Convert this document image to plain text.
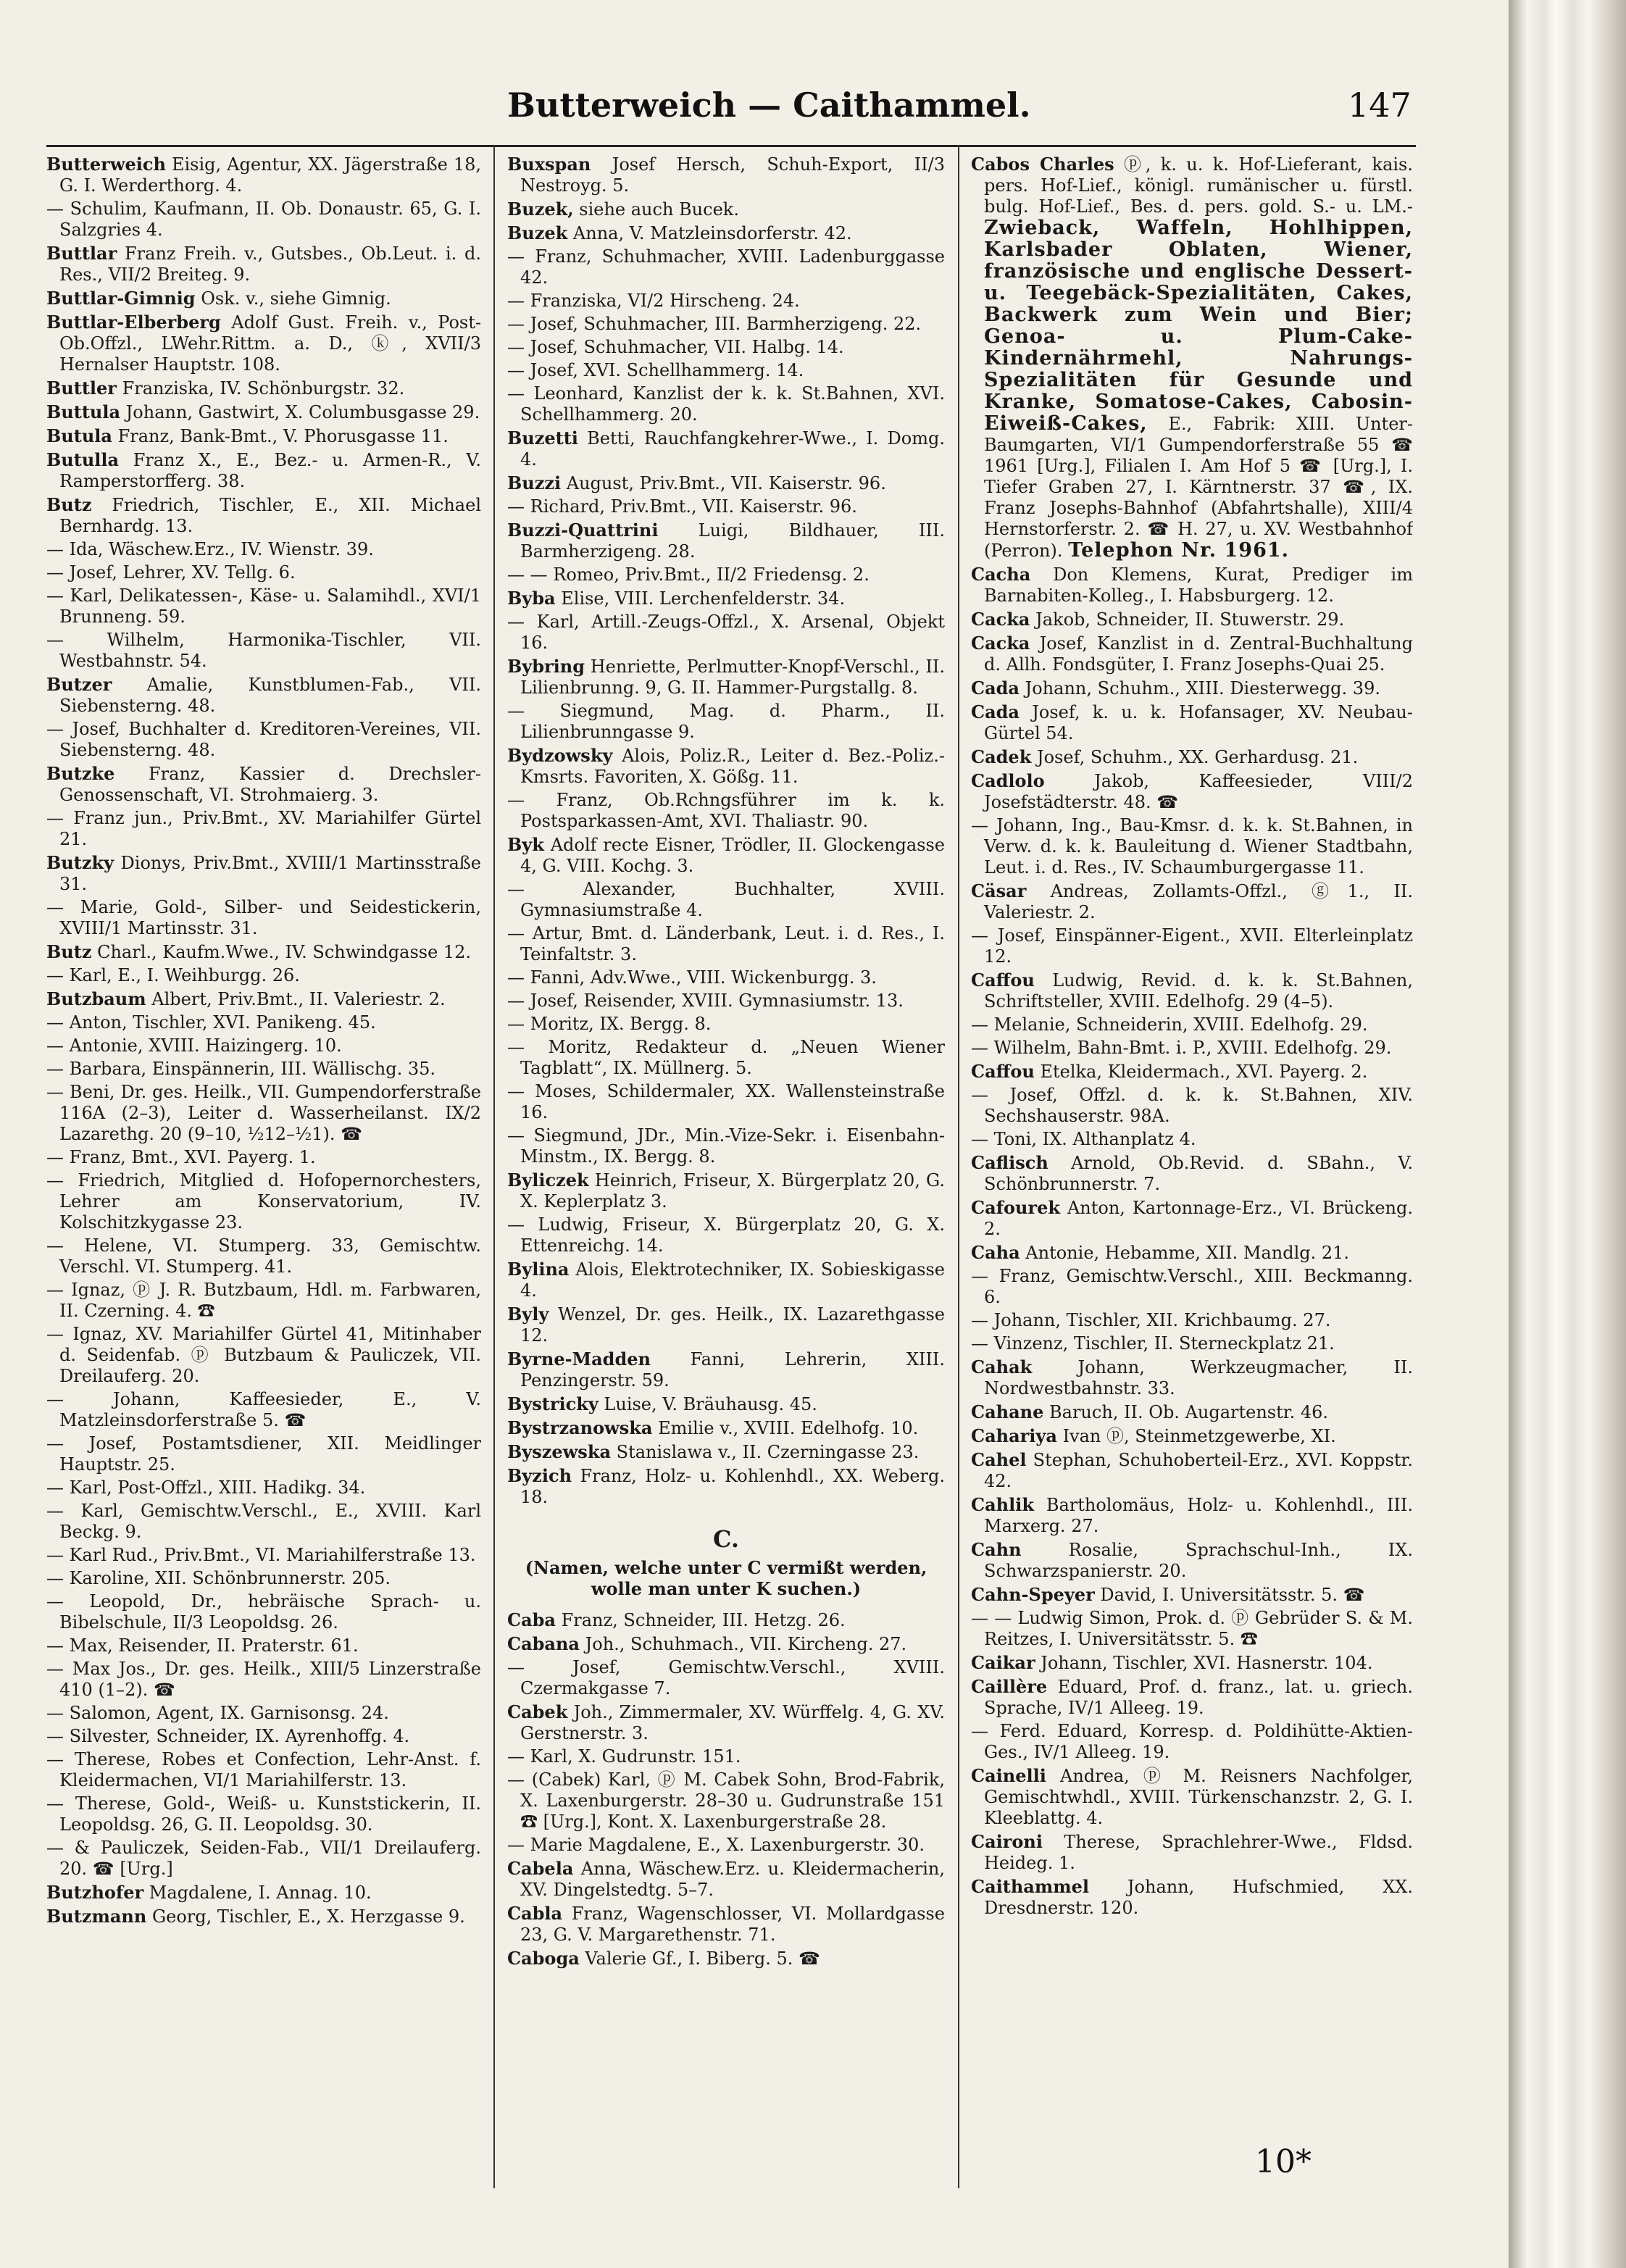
Butterweich — Caithammel.	147

Butterweich Eisig, Agentur, XX. Jägerstraße 18, G. I. Werderthorg. 4.

— Schulim, Kaufmann, II. Ob. Donaustr. 65, G. I. Salzgries 4.

Buttlar Franz Freih. v., Gutsbes., Ob.Leut. i. d. Res., VII/2 Breiteg. 9.

Buttlar-Gimnig Osk. v., siehe Gimnig.

Buttlar-Elberberg Adolf Gust. Freih. v., Post-Ob.Offzl., LWehr.Rittm. a. D., ⓚ, XVII/3 Hernalser Hauptstr. 108.

Buttler Franziska, IV. Schönburgstr. 32.

Buttula Johann, Gastwirt, X. Columbusgasse 29.

Butula Franz, Bank-Bmt., V. Phorusgasse 11.

Butulla Franz X., E., Bez.- u. Armen-R., V. Ramperstorfferg. 38.

Butz Friedrich, Tischler, E., XII. Michael Bernhardg. 13.

— Ida, Wäschew.Erz., IV. Wienstr. 39.

— Josef, Lehrer, XV. Tellg. 6.

— Karl, Delikatessen-, Käse- u. Salamihdl., XVI/1 Brunneng. 59.

— Wilhelm, Harmonika-Tischler, VII. Westbahnstr. 54.

Butzer Amalie, Kunstblumen-Fab., VII. Siebensterng. 48.

— Josef, Buchhalter d. Kreditoren-Vereines, VII. Siebensterng. 48.

Butzke Franz, Kassier d. Drechsler-Genossenschaft, VI. Strohmaierg. 3.

— Franz jun., Priv.Bmt., XV. Mariahilfer Gürtel 21.

Butzky Dionys, Priv.Bmt., XVIII/1 Martinsstraße 31.

— Marie, Gold-, Silber- und Seidestickerin, XVIII/1 Martinsstr. 31.

Butz Charl., Kaufm.Wwe., IV. Schwindgasse 12.

— Karl, E., I. Weihburgg. 26.

Butzbaum Albert, Priv.Bmt., II. Valeriestr. 2.

— Anton, Tischler, XVI. Panikeng. 45.

— Antonie, XVIII. Haizingerg. 10.

— Barbara, Einspännerin, III. Wällischg. 35.

— Beni, Dr. ges. Heilk., VII. Gumpendorferstraße 116A (2–3), Leiter d. Wasserheilanst. IX/2 Lazarethg. 20 (9–10, ½12–½1). ☎

— Franz, Bmt., XVI. Payerg. 1.

— Friedrich, Mitglied d. Hofopernorchesters, Lehrer am Konservatorium, IV. Kolschitzkygasse 23.

— Helene, VI. Stumperg. 33, Gemischtw. Verschl. VI. Stumperg. 41.

— Ignaz, ⓟ J. R. Butzbaum, Hdl. m. Farbwaren, II. Czerning. 4. ☎

— Ignaz, XV. Mariahilfer Gürtel 41, Mitinhaber d. Seidenfab. ⓟ Butzbaum & Pauliczek, VII. Dreilauferg. 20.

— Johann, Kaffeesieder, E., V. Matzleinsdorferstraße 5. ☎

— Josef, Postamtsdiener, XII. Meidlinger Hauptstr. 25.

— Karl, Post-Offzl., XIII. Hadikg. 34.

— Karl, Gemischtw.Verschl., E., XVIII. Karl Beckg. 9.

— Karl Rud., Priv.Bmt., VI. Mariahilferstraße 13.

— Karoline, XII. Schönbrunnerstr. 205.

— Leopold, Dr., hebräische Sprach- u. Bibelschule, II/3 Leopoldsg. 26.

— Max, Reisender, II. Praterstr. 61.

— Max Jos., Dr. ges. Heilk., XIII/5 Linzerstraße 410 (1–2). ☎

— Salomon, Agent, IX. Garnisonsg. 24.

— Silvester, Schneider, IX. Ayrenhoffg. 4.

— Therese, Robes et Confection, Lehr-Anst. f. Kleidermachen, VI/1 Mariahilferstr. 13.

— Therese, Gold-, Weiß- u. Kunststickerin, II. Leopoldsg. 26, G. II. Leopoldsg. 30.

— & Pauliczek, Seiden-Fab., VII/1 Dreilauferg. 20. ☎ [Urg.]

Butzhofer Magdalene, I. Annag. 10.

Butzmann Georg, Tischler, E., X. Herzgasse 9.

Buxspan Josef Hersch, Schuh-Export, II/3 Nestroyg. 5.

Buzek, siehe auch Bucek.

Buzek Anna, V. Matzleinsdorferstr. 42.

— Franz, Schuhmacher, XVIII. Ladenburggasse 42.

— Franziska, VI/2 Hirscheng. 24.

— Josef, Schuhmacher, III. Barmherzigeng. 22.

— Josef, Schuhmacher, VII. Halbg. 14.

— Josef, XVI. Schellhammerg. 14.

— Leonhard, Kanzlist der k. k. St.Bahnen, XVI. Schellhammerg. 20.

Buzetti Betti, Rauchfangkehrer-Wwe., I. Domg. 4.

Buzzi August, Priv.Bmt., VII. Kaiserstr. 96.

— Richard, Priv.Bmt., VII. Kaiserstr. 96.

Buzzi-Quattrini Luigi, Bildhauer, III. Barmherzigeng. 28.

— — Romeo, Priv.Bmt., II/2 Friedensg. 2.

Byba Elise, VIII. Lerchenfelderstr. 34.

— Karl, Artill.-Zeugs-Offzl., X. Arsenal, Objekt 16.

Bybring Henriette, Perlmutter-Knopf-Verschl., II. Lilienbrunng. 9, G. II. Hammer-Purgstallg. 8.

— Siegmund, Mag. d. Pharm., II. Lilienbrunngasse 9.

Bydzowsky Alois, Poliz.R., Leiter d. Bez.-Poliz.-Kmsrts. Favoriten, X. Gößg. 11.

— Franz, Ob.Rchngsführer im k. k. Postsparkassen-Amt, XVI. Thaliastr. 90.

Byk Adolf recte Eisner, Trödler, II. Glockengasse 4, G. VIII. Kochg. 3.

— Alexander, Buchhalter, XVIII. Gymnasiumstraße 4.

— Artur, Bmt. d. Länderbank, Leut. i. d. Res., I. Teinfaltstr. 3.

— Fanni, Adv.Wwe., VIII. Wickenburgg. 3.

— Josef, Reisender, XVIII. Gymnasiumstr. 13.

— Moritz, IX. Bergg. 8.

— Moritz, Redakteur d. „Neuen Wiener Tagblatt“, IX. Müllnerg. 5.

— Moses, Schildermaler, XX. Wallensteinstraße 16.

— Siegmund, JDr., Min.-Vize-Sekr. i. Eisenbahn-Minstm., IX. Bergg. 8.

Byliczek Heinrich, Friseur, X. Bürgerplatz 20, G. X. Keplerplatz 3.

— Ludwig, Friseur, X. Bürgerplatz 20, G. X. Ettenreichg. 14.

Bylina Alois, Elektrotechniker, IX. Sobieskigasse 4.

Byly Wenzel, Dr. ges. Heilk., IX. Lazarethgasse 12.

Byrne-Madden Fanni, Lehrerin, XIII. Penzingerstr. 59.

Bystricky Luise, V. Bräuhausg. 45.

Bystrzanowska Emilie v., XVIII. Edelhofg. 10.

Byszewska Stanislawa v., II. Czerningasse 23.

Byzich Franz, Holz- u. Kohlenhdl., XX. Weberg. 18.

C.

(Namen, welche unter C vermißt werden, wolle man unter K suchen.)

Caba Franz, Schneider, III. Hetzg. 26.

Cabana Joh., Schuhmach., VII. Kircheng. 27.

— Josef, Gemischtw.Verschl., XVIII. Czermakgasse 7.

Cabek Joh., Zimmermaler, XV. Würffelg. 4, G. XV. Gerstnerstr. 3.

— Karl, X. Gudrunstr. 151.

— (Cabek) Karl, ⓟ M. Cabek Sohn, Brod-Fabrik, X. Laxenburgerstr. 28–30 u. Gudrunstraße 151 ☎ [Urg.], Kont. X. Laxenburgerstraße 28.

— Marie Magdalene, E., X. Laxenburgerstr. 30.

Cabela Anna, Wäschew.Erz. u. Kleidermacherin, XV. Dingelstedtg. 5–7.

Cabla Franz, Wagenschlosser, VI. Mollardgasse 23, G. V. Margarethenstr. 71.

Caboga Valerie Gf., I. Biberg. 5. ☎

Cabos Charles ⓟ, k. u. k. Hof-Lieferant, kais. pers. Hof-Lief., königl. rumänischer u. fürstl. bulg. Hof-Lief., Bes. d. pers. gold. S.- u. LM.- Zwieback, Waffeln, Hohlhippen, Karlsbader Oblaten, Wiener, französische und englische Dessert- u. Teegebäck-Spezialitäten, Cakes, Backwerk zum Wein und Bier; Genoa- u. Plum-Cake-Kindernährmehl, Nahrungs-Spezialitäten für Gesunde und Kranke, Somatose-Cakes, Cabosin-Eiweiß-Cakes, E., Fabrik: XIII. Unter-Baumgarten, VI/1 Gumpendorferstraße 55 ☎ 1961 [Urg.], Filialen I. Am Hof 5 ☎ [Urg.], I. Tiefer Graben 27, I. Kärntnerstr. 37 ☎, IX. Franz Josephs-Bahnhof (Abfahrtshalle), XIII/4 Hernstorferstr. 2. ☎ H. 27, u. XV. Westbahnhof (Perron). Telephon Nr. 1961.

Cacha Don Klemens, Kurat, Prediger im Barnabiten-Kolleg., I. Habsburgerg. 12.

Cacka Jakob, Schneider, II. Stuwerstr. 29.

Cacka Josef, Kanzlist in d. Zentral-Buchhaltung d. Allh. Fondsgüter, I. Franz Josephs-Quai 25.

Cada Johann, Schuhm., XIII. Diesterwegg. 39.

Cada Josef, k. u. k. Hofansager, XV. Neubau-Gürtel 54.

Cadek Josef, Schuhm., XX. Gerhardusg. 21.

Cadlolo	Jakob, Kaffeesieder, VIII/2 Josefstädterstr. 48. ☎

— Johann, Ing., Bau-Kmsr. d. k. k. St.Bahnen, in Verw. d. k. k. Bauleitung d. Wiener Stadtbahn, Leut. i. d. Res., IV. Schaumburgergasse 11.

Cäsar Andreas, Zollamts-Offzl., ⓖ1., II. Valeriestr. 2.

— Josef, Einspänner-Eigent., XVII. Elterleinplatz 12.

Caffou Ludwig, Revid. d. k. k. St.Bahnen, Schriftsteller, XVIII. Edelhofg. 29 (4–5).

— Melanie, Schneiderin, XVIII. Edelhofg. 29.

— Wilhelm, Bahn-Bmt. i. P., XVIII. Edelhofg. 29.

Caffou Etelka, Kleidermach., XVI. Payerg. 2.

— Josef, Offzl. d. k. k. St.Bahnen, XIV. Sechshauserstr. 98A.

— Toni, IX. Althanplatz 4.

Caflisch Arnold, Ob.Revid. d. SBahn., V. Schönbrunnerstr. 7.

Cafourek Anton, Kartonnage-Erz., VI. Brückeng. 2.

Caha Antonie, Hebamme, XII. Mandlg. 21.

— Franz, Gemischtw.Verschl., XIII. Beckmanng. 6.

— Johann, Tischler, XII. Krichbaumg. 27.

— Vinzenz, Tischler, II. Sterneckplatz 21.

Cahak	Johann, Werkzeugmacher, II. Nordwestbahnstr. 33.

Cahane Baruch, II. Ob. Augartenstr. 46.

Cahariya Ivan ⓟ, Steinmetzgewerbe, XI.

Cahel Stephan, Schuhoberteil-Erz., XVI. Koppstr. 42.

Cahlik Bartholomäus, Holz- u. Kohlenhdl., III. Marxerg. 27.

Cahn	Rosalie, Sprachschul-Inh., IX. Schwarzspanierstr. 20.

Cahn-Speyer David, I. Universitätsstr. 5. ☎

— — Ludwig Simon, Prok. d. ⓟ Gebrüder S. & M. Reitzes, I. Universitätsstr. 5. ☎

Caikar Johann, Tischler, XVI. Hasnerstr. 104.

Caillère Eduard, Prof. d. franz., lat. u. griech. Sprache, IV/1 Alleeg. 19.

— Ferd. Eduard, Korresp. d. Poldihütte-Aktien-Ges., IV/1 Alleeg. 19.

Cainelli Andrea, ⓟ M. Reisners Nachfolger, Gemischtwhdl., XVIII. Türkenschanzstr. 2, G. I. Kleeblattg. 4.

Caironi Therese, Sprachlehrer-Wwe., Fldsd. Heideg. 1.

Caithammel Johann, Hufschmied, XX. Dresdnerstr. 120.

10*
